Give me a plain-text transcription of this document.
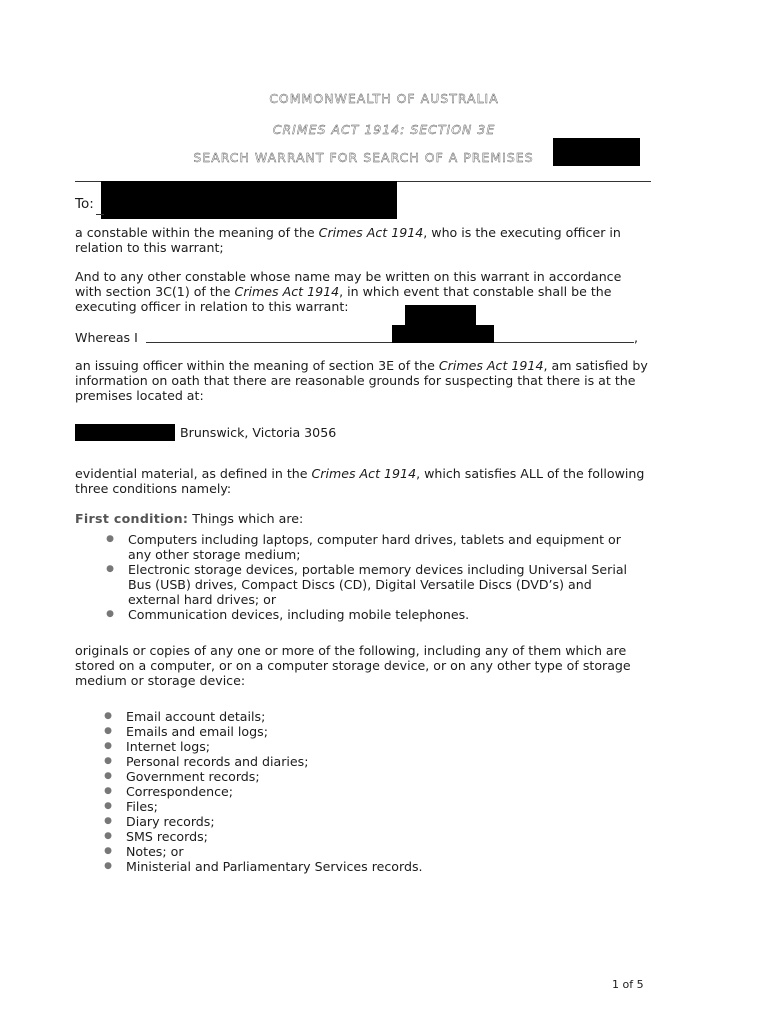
COMMONWEALTH OF AUSTRALIA
CRIMES ACT 1914: SECTION 3E
SEARCH WARRANT FOR SEARCH OF A PREMISES
To:
a constable within the meaning of the Crimes Act 1914, who is the executing officer in relation to this warrant;
And to any other constable whose name may be written on this warrant in accordance with section 3C(1) of the Crimes Act 1914, in which event that constable shall be the executing officer in relation to this warrant:
Whereas I	,
an issuing officer within the meaning of section 3E of the Crimes Act 1914, am satisfied by information on oath that there are reasonable grounds for suspecting that there is at the premises located at:
Brunswick, Victoria 3056
evidential material, as defined in the Crimes Act 1914, which satisfies ALL of the following three conditions namely:
First condition: Things which are:
● Computers including laptops, computer hard drives, tablets and equipment or any other storage medium;
● Electronic storage devices, portable memory devices including Universal Serial Bus (USB) drives, Compact Discs (CD), Digital Versatile Discs (DVD’s) and external hard drives; or
● Communication devices, including mobile telephones.
originals or copies of any one or more of the following, including any of them which are stored on a computer, or on a computer storage device, or on any other type of storage medium or storage device:
● Email account details;
● Emails and email logs;
● Internet logs;
● Personal records and diaries;
● Government records;
● Correspondence;
● Files;
● Diary records;
● SMS records;
● Notes; or
● Ministerial and Parliamentary Services records.
1 of 5
